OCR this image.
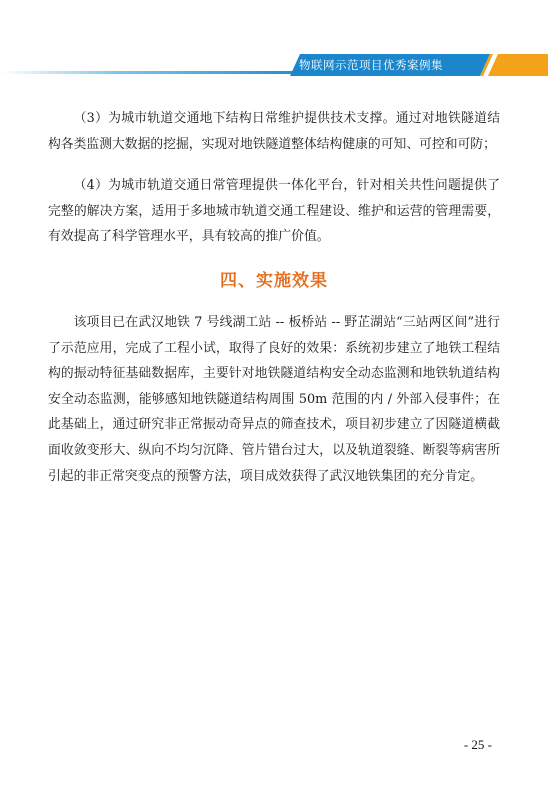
物联网示范项目优秀案例集

（3）为城市轨道交通地下结构日常维护提供技术支撑。通过对地铁隧道结构各类监测大数据的挖掘，实现对地铁隧道整体结构健康的可知、可控和可防；

（4）为城市轨道交通日常管理提供一体化平台，针对相关共性问题提供了完整的解决方案，适用于多地城市轨道交通工程建设、维护和运营的管理需要，有效提高了科学管理水平，具有较高的推广价值。

四、实施效果

该项目已在武汉地铁 7 号线湖工站 -- 板桥站 -- 野芷湖站“三站两区间”进行了示范应用，完成了工程小试，取得了良好的效果：系统初步建立了地铁工程结构的振动特征基础数据库，主要针对地铁隧道结构安全动态监测和地铁轨道结构安全动态监测，能够感知地铁隧道结构周围 50m 范围的内 / 外部入侵事件；在此基础上，通过研究非正常振动奇异点的筛查技术，项目初步建立了因隧道横截面收敛变形大、纵向不均匀沉降、管片错台过大，以及轨道裂缝、断裂等病害所引起的非正常突变点的预警方法，项目成效获得了武汉地铁集团的充分肯定。

- 25 -
